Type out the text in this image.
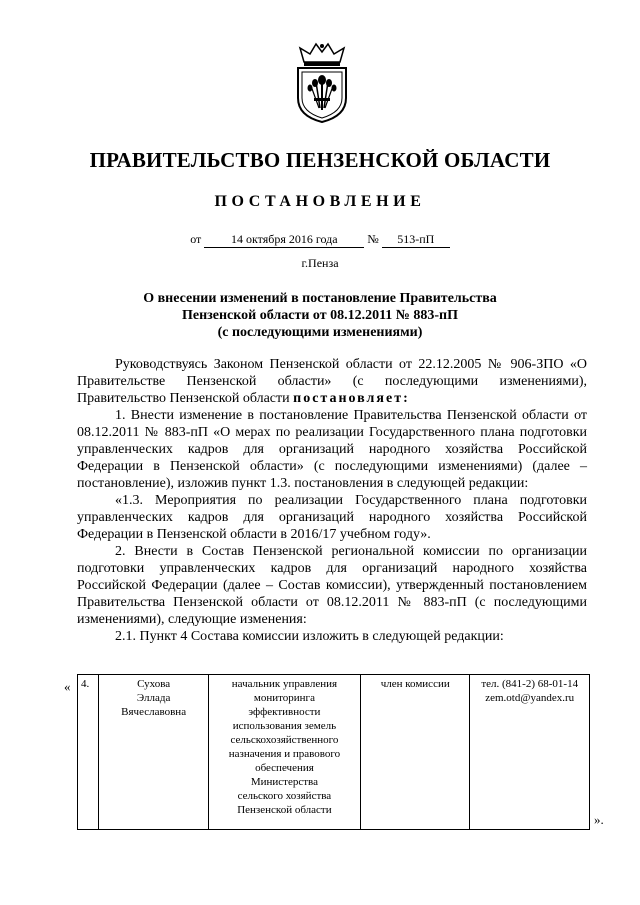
ПРАВИТЕЛЬСТВО ПЕНЗЕНСКОЙ ОБЛАСТИ
ПОСТАНОВЛЕНИЕ
от 14 октября 2016 года № 513-пП
г.Пенза
О внесении изменений в постановление Правительства
Пензенской области от 08.12.2011 № 883-пП
(с последующими изменениями)

Руководствуясь Законом Пензенской области от 22.12.2005 № 906-ЗПО «О Правительстве Пензенской области» (с последующими изменениями), Правительство Пензенской области постановляет:

1. Внести изменение в постановление Правительства Пензенской области от 08.12.2011 № 883-пП «О мерах по реализации Государственного плана подготовки управленческих кадров для организаций народного хозяйства Российской Федерации в Пензенской области» (с последующими изменениями) (далее – постановление), изложив пункт 1.3. постановления в следующей редакции:

«1.3. Мероприятия по реализации Государственного плана подготовки управленческих кадров для организаций народного хозяйства Российской Федерации в Пензенской области в 2016/17 учебном году».

2. Внести в Состав Пензенской региональной комиссии по организации подготовки управленческих кадров для организаций народного хозяйства Российской Федерации (далее – Состав комиссии), утвержденный постановлением Правительства Пензенской области от 08.12.2011 № 883-пП (с последующими изменениями), следующие изменения:

2.1. Пункт 4 Состава комиссии изложить в следующей редакции:

« 4.	Сухова
Эллада
Вячеславовна

начальник управления
мониторинга
эффективности
использования земель
сельскохозяйственного
назначения и правового
обеспечения
Министерства
сельского хозяйства
Пензенской области
	член комиссии	тел. (841-2) 68-01-14
zem.otd@yandex.ru
».
